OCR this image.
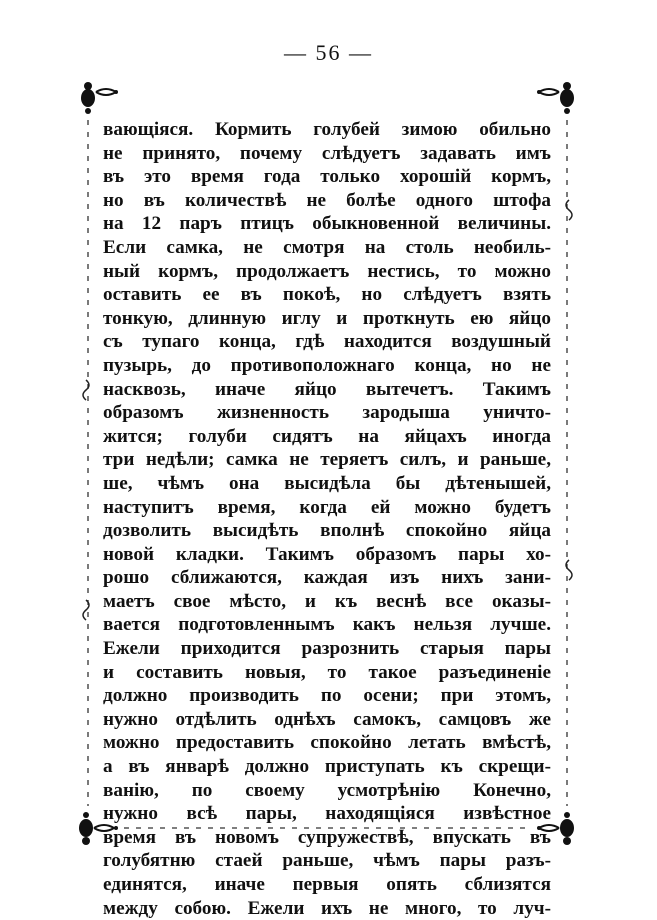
— 56 —
вающіяся. Кормить голубей зимою обильно
не принято, почему слѣдуетъ задавать имъ
въ это время года только хорошій кормъ,
но въ количествѣ не болѣе одного штофа
на 12 паръ птицъ обыкновенной величины.
Если самка, не смотря на столь необиль-
ный кормъ, продолжаетъ нестись, то можно
оставить ее въ покоѣ, но слѣдуетъ взять
тонкую, длинную иглу и проткнуть ею яйцо
съ тупаго конца, гдѣ находится воздушный
пузырь, до противоположнаго конца, но не
насквозь, иначе яйцо вытечетъ. Такимъ
образомъ жизненность зародыша уничто-
жится; голуби сидятъ на яйцахъ иногда
три недѣли; самка не теряетъ силъ, и раньше,
ше, чѣмъ она высидѣла бы дѣтенышей,
наступитъ время, когда ей можно будетъ
дозволить высидѣть вполнѣ спокойно яйца
новой кладки. Такимъ образомъ пары хо-
рошо сближаются, каждая изъ нихъ зани-
маетъ свое мѣсто, и къ веснѣ все оказы-
вается подготовленнымъ какъ нельзя лучше.
Ежели приходится разрознить старыя пары
и составить новыя, то такое разъединеніе
должно производить по осени; при этомъ,
нужно отдѣлить однѣхъ самокъ, самцовъ же
можно предоставить спокойно летать вмѣстѣ,
а въ январѣ должно приступать къ скрещи-
ванію, по своему усмотрѣнію Конечно,
нужно всѣ пары, находящіяся извѣстное
время въ новомъ супружествѣ, впускать въ
голубятню стаей раньше, чѣмъ пары разъ-
единятся, иначе первыя опять сблизятся
между собою. Ежели ихъ не много, то луч-
